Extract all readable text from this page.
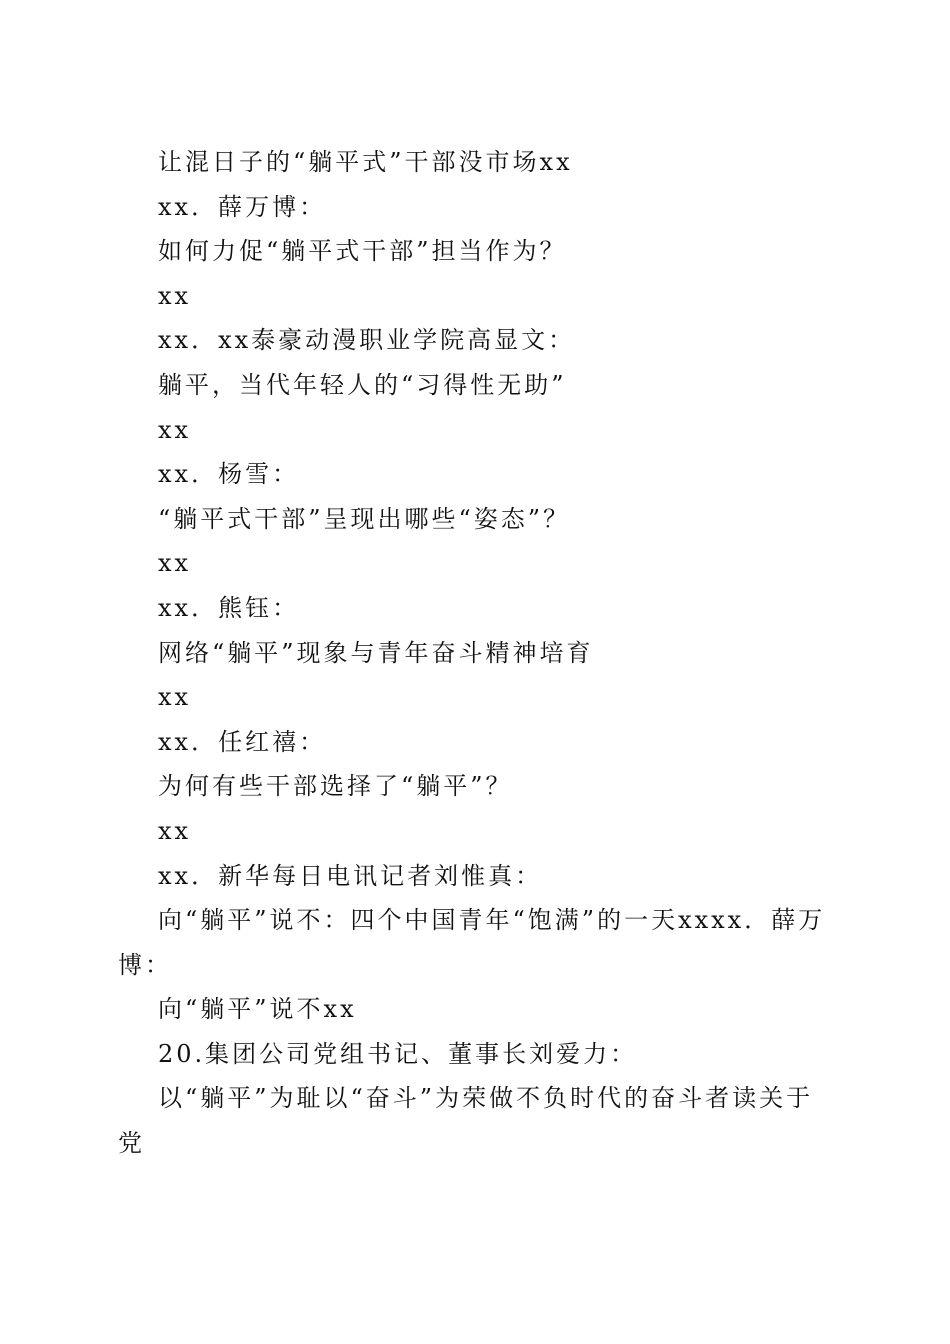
让混日子的“躺平式”干部没市场xx

xx．薛万博：

如何力促“躺平式干部”担当作为？

xx

xx．xx泰豪动漫职业学院高显文：

躺平，当代年轻人的“习得性无助”

xx

xx．杨雪：

“躺平式干部”呈现出哪些“姿态”？

xx

xx．熊钰：

网络“躺平”现象与青年奋斗精神培育

xx

xx．任红禧：

为何有些干部选择了“躺平”？

xx

xx．新华每日电讯记者刘惟真：

向“躺平”说不：四个中国青年“饱满”的一天xxxx．薛万博：

向“躺平”说不xx

20.集团公司党组书记、董事长刘爱力：

以“躺平”为耻以“奋斗”为荣做不负时代的奋斗者读关于党
